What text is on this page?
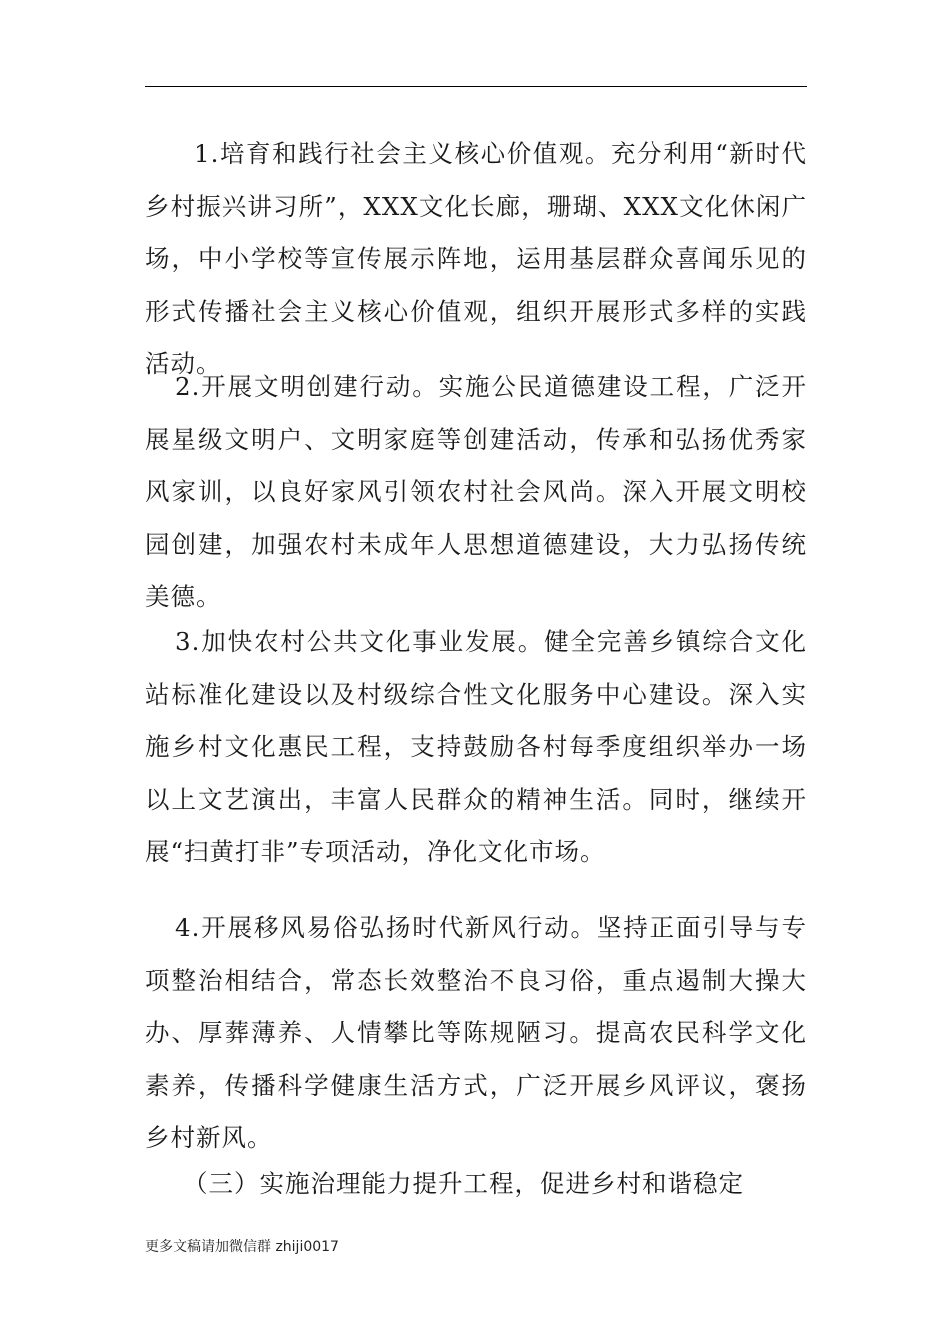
1.培育和践行社会主义核心价值观。充分利用“新时代乡村振兴讲习所”，XXX文化长廊，珊瑚、XXX文化休闲广场，中小学校等宣传展示阵地，运用基层群众喜闻乐见的形式传播社会主义核心价值观，组织开展形式多样的实践活动。

2.开展文明创建行动。实施公民道德建设工程，广泛开展星级文明户、文明家庭等创建活动，传承和弘扬优秀家风家训，以良好家风引领农村社会风尚。深入开展文明校园创建，加强农村未成年人思想道德建设，大力弘扬传统美德。

3.加快农村公共文化事业发展。健全完善乡镇综合文化站标准化建设以及村级综合性文化服务中心建设。深入实施乡村文化惠民工程，支持鼓励各村每季度组织举办一场以上文艺演出，丰富人民群众的精神生活。同时，继续开展“扫黄打非”专项活动，净化文化市场。

4.开展移风易俗弘扬时代新风行动。坚持正面引导与专项整治相结合，常态长效整治不良习俗，重点遏制大操大办、厚葬薄养、人情攀比等陈规陋习。提高农民科学文化素养，传播科学健康生活方式，广泛开展乡风评议，褒扬乡村新风。

（三）实施治理能力提升工程，促进乡村和谐稳定

更多文稿请加微信群 zhiji0017
